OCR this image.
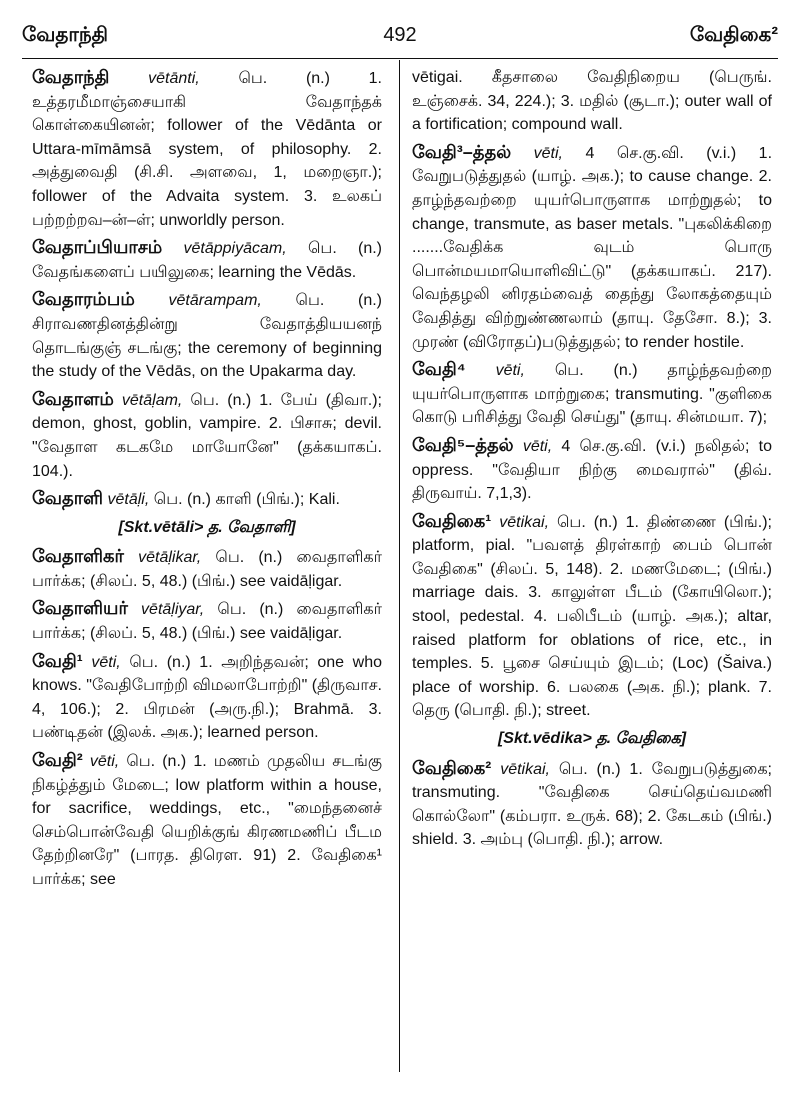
வேதாந்தி	492	வேதிகை²

வேதாந்தி vētānti, பெ. (n.) 1. உத்தரமீமாஞ்சையாகி வேதாந்தக் கொள்கையினன்; follower of the Vēdānta or Uttara-mīmāmsā system, of philosophy. 2. அத்துவைதி (சி.சி. அளவை, 1, மறைஞா.); follower of the Advaita system. 3. உலகப் பற்றற்றவ–ன்–ள்; unworldly person.

வேதாப்பியாசம் vētāppiyācam, பெ. (n.) வேதங்களைப் பயிலுகை; learning the Vēdās.

வேதாரம்பம் vētārampam, பெ. (n.) சிராவணதினத்தின்று வேதாத்தியயனந் தொடங்குஞ் சடங்கு; the ceremony of beginning the study of the Vēdās, on the Upakarma day.

வேதாளம் vētāḷam, பெ. (n.) 1. பேய் (திவா.); demon, ghost, goblin, vampire. 2. பிசாசு; devil. "வேதாள கடகமே மாயோனே" (தக்கயாகப். 104.).

வேதாளி vētāḷi, பெ. (n.) காளி (பிங்.); Kali.

[Skt.vētāli> த. வேதாளி]

வேதாளிகர் vētāḷikar, பெ. (n.) வைதாளிகர் பார்க்க; (சிலப். 5, 48.) (பிங்.) see vaidāḷigar.

வேதாளியர் vētāḷiyar, பெ. (n.) வைதாளிகர் பார்க்க; (சிலப். 5, 48.) (பிங்.) see vaidāḷigar.

வேதி¹ vēti, பெ. (n.) 1. அறிந்தவன்; one who knows. "வேதிபோற்றி விமலாபோற்றி" (திருவாச. 4, 106.); 2. பிரமன் (அரு.நி.); Brahmā. 3. பண்டிதன் (இலக். அக.); learned person.

வேதி² vēti, பெ. (n.) 1. மணம் முதலிய சடங்கு நிகழ்த்தும் மேடை; low platform within a house, for sacrifice, weddings, etc., "மைந்தனைச் செம்பொன்வேதி யெறிக்குங் கிரணமணிப் பீடம தேற்றினரே" (பாரத. திரௌ. 91) 2. வேதிகை¹ பார்க்க; see

vētigai. கீதசாலை வேதிநிறைய (பெருங். உஞ்சைக். 34, 224.); 3. மதில் (சூடா.); outer wall of a fortification; compound wall.

வேதி³–த்தல் vēti, 4 செ.கு.வி. (v.i.) 1. வேறுபடுத்துதல் (யாழ். அக.); to cause change. 2. தாழ்ந்தவற்றை யுயர்பொருளாக மாற்றுதல்; to change, transmute, as baser metals. "புகலிக்கிறை .......வேதிக்க வுடம் பொரு பொன்மயமாயொளிவிட்டு" (தக்கயாகப். 217). வெந்தழலி னிரதம்வைத் தைந்து லோகத்தையும் வேதித்து விற்றுண்ணலாம் (தாயு. தேசோ. 8.); 3. முரண் (விரோதப்)படுத்துதல்; to render hostile.

வேதி⁴ vēti, பெ. (n.) தாழ்ந்தவற்றை யுயர்பொருளாக மாற்றுகை; transmuting. "குளிகை கொடு பரிசித்து வேதி செய்து" (தாயு. சின்மயா. 7);

வேதி⁵–த்தல் vēti, 4 செ.கு.வி. (v.i.) நலிதல்; to oppress. "வேதியா நிற்கு மைவரால்" (திவ். திருவாய். 7,1,3).

வேதிகை¹ vētikai, பெ. (n.) 1. திண்ணை (பிங்.); platform, pial. "பவளத் திரள்காற் பைம் பொன் வேதிகை" (சிலப். 5, 148). 2. மணமேடை; (பிங்.) marriage dais. 3. காலுள்ள பீடம் (கோயிலொ.); stool, pedestal. 4. பலிபீடம் (யாழ். அக.); altar, raised platform for oblations of rice, etc., in temples. 5. பூசை செய்யும் இடம்; (Loc) (Šaiva.) place of worship. 6. பலகை (அக. நி.); plank. 7. தெரு (பொதி. நி.); street.

[Skt.vēdika> த. வேதிகை]

வேதிகை² vētikai, பெ. (n.) 1. வேறுபடுத்துகை; transmuting. "வேதிகை செய்தெய்வமணி கொல்லோ" (கம்பரா. உருக். 68); 2. கேடகம் (பிங்.) shield. 3. அம்பு (பொதி. நி.); arrow.
